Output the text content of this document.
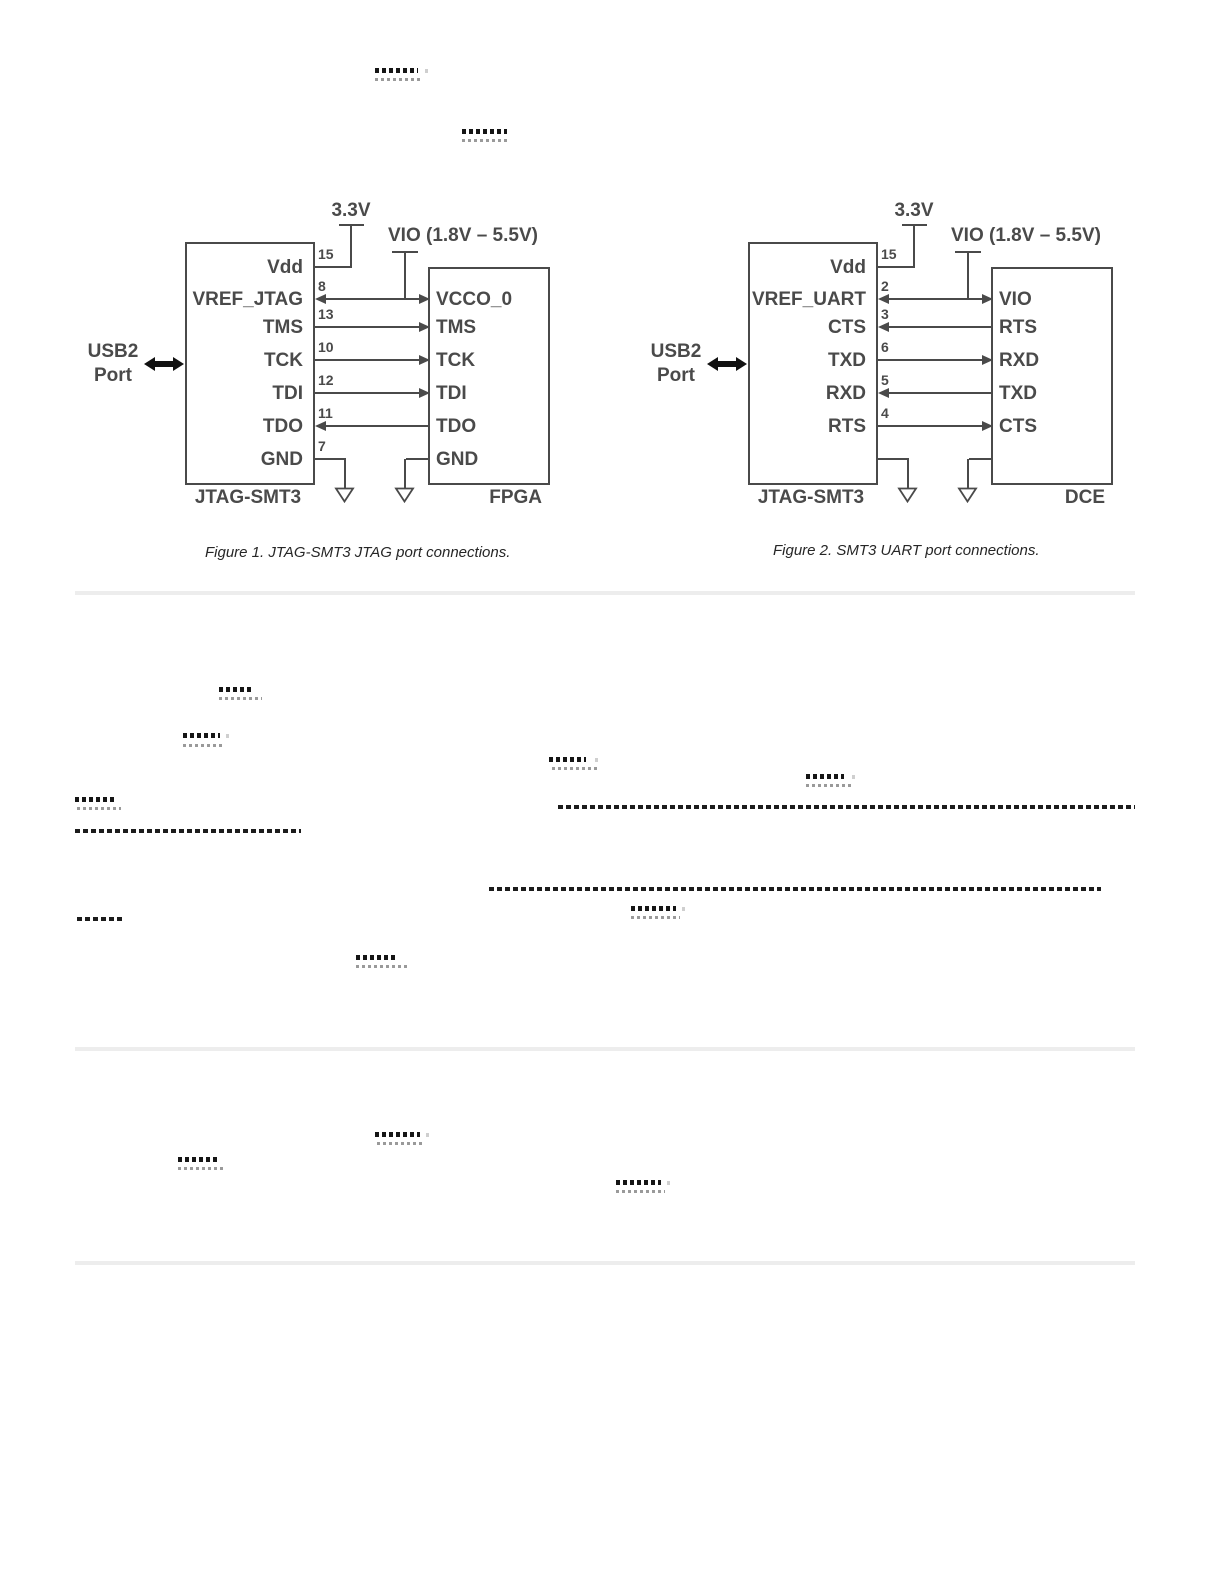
USB2
Port
JTAG-SMT3	FPGA
3.3V
VIO (1.8V – 5.5V)
Vdd
VREF_JTAG
TMS
TCK
TDI
TDO
GND
15
8
13
10
12
11
7
VCCO_0
TMS
TCK
TDI
TDO
GND
USB2
Port
JTAG-SMT3	DCE
3.3V
VIO (1.8V – 5.5V)
Vdd
VREF_UART
CTS
TXD
RXD
RTS
15
2
3
6
5
4
VIO
RTS
RXD
TXD
CTS
Figure 1. JTAG-SMT3 JTAG port connections.	Figure 2. SMT3 UART port connections.
